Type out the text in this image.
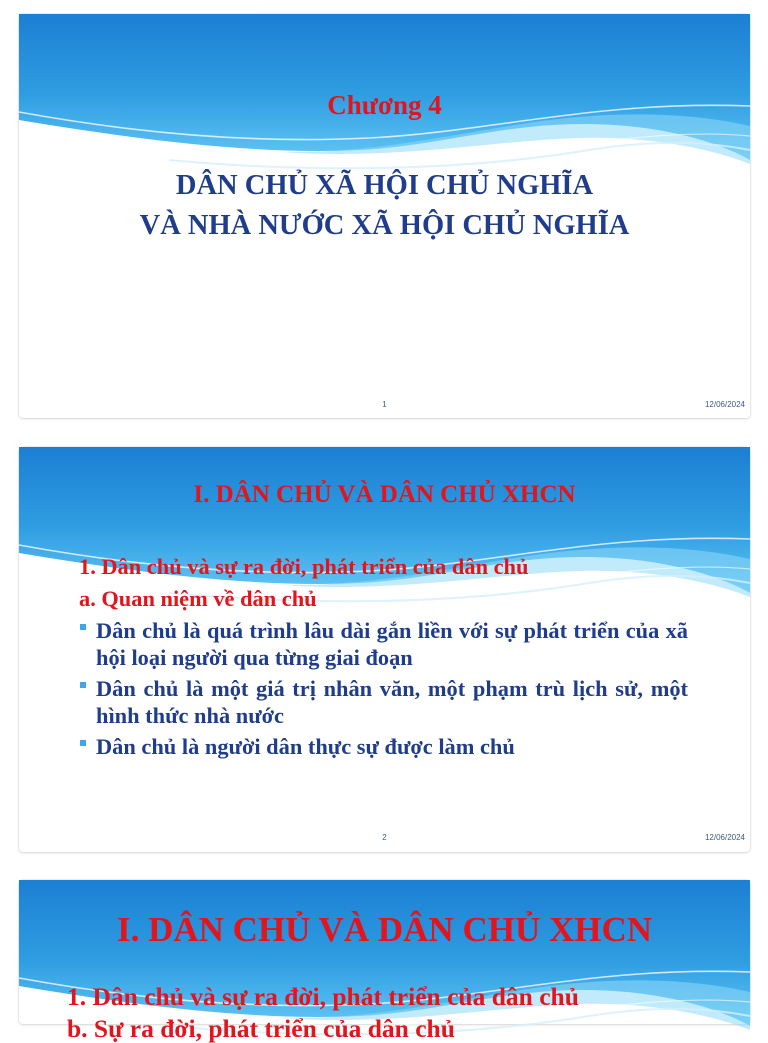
Chương 4
DÂN CHỦ XÃ HỘI CHỦ NGHĨA
VÀ NHÀ NƯỚC XÃ HỘI CHỦ NGHĨA
1	12/06/2024
I. DÂN CHỦ VÀ DÂN CHỦ XHCN
1. Dân chủ và sự ra đời, phát triển của dân chủ
a. Quan niệm về dân chủ
Dân chủ là quá trình lâu dài gắn liền với sự phát triển của xã hội loại người qua từng giai đoạn
Dân chủ là một giá trị nhân văn, một phạm trù lịch sử, một hình thức nhà nước
Dân chủ là người dân thực sự được làm chủ
2	12/06/2024
I. DÂN CHỦ VÀ DÂN CHỦ XHCN
1. Dân chủ và sự ra đời, phát triển của dân chủ
b. Sự ra đời, phát triển của dân chủ
